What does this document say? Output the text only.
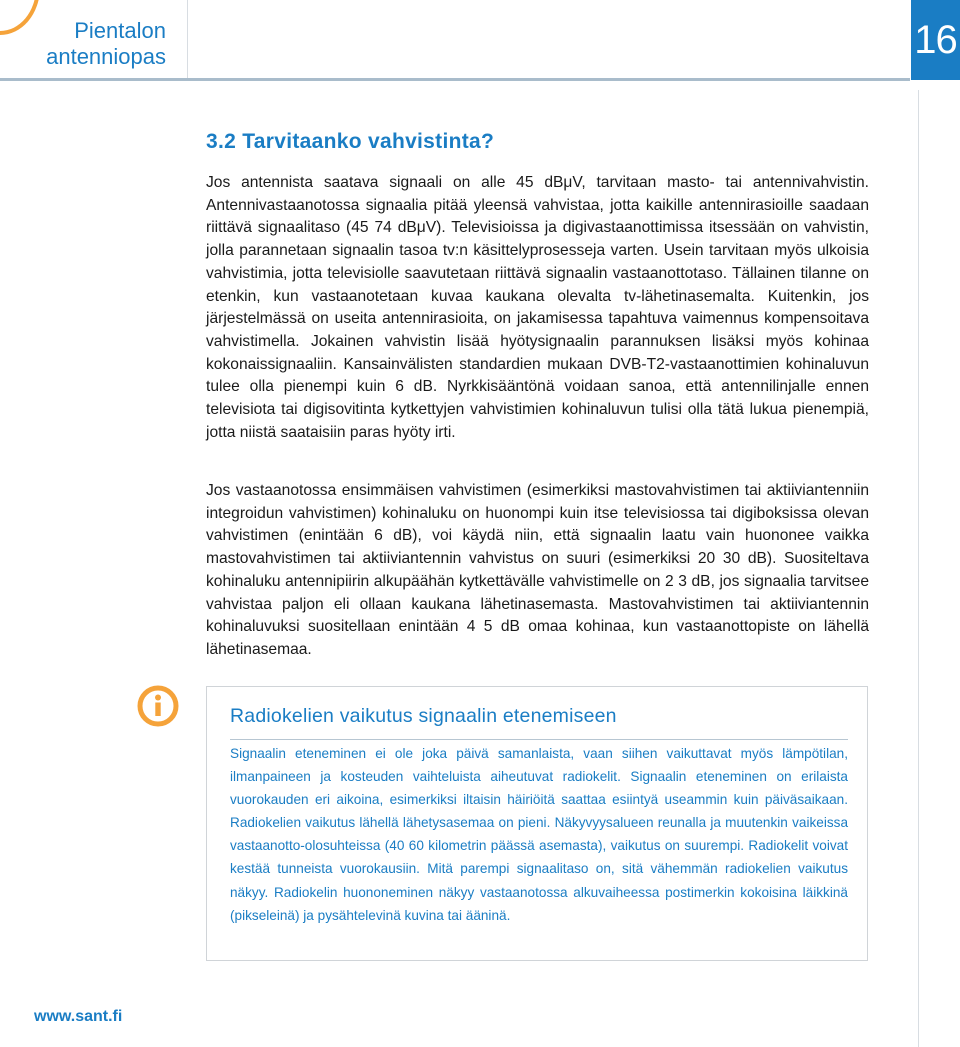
Pientalon
antenniopas	16
3.2 Tarvitaanko vahvistinta?

Jos antennista saatava signaali on alle 45 dBμV, tarvitaan masto- tai antennivahvistin. Antennivastaanotossa signaalia pitää yleensä vahvistaa, jotta kaikille antennirasioille saadaan riittävä signaalitaso (45 74 dBμV). Televisioissa ja digivastaanottimissa itsessään on vahvistin, jolla parannetaan signaalin tasoa tv:n käsittelyprosesseja varten. Usein tarvitaan myös ulkoisia vahvistimia, jotta televisiolle saavutetaan riittävä signaalin vastaanottotaso. Tällainen tilanne on etenkin, kun vastaanotetaan kuvaa kaukana olevalta tv-lähetinasemalta. Kuitenkin, jos järjestelmässä on useita antennirasioita, on jakamisessa tapahtuva vaimennus kompensoitava vahvistimella. Jokainen vahvistin lisää hyötysignaalin parannuksen lisäksi myös kohinaa kokonaissignaaliin. Kansainvälisten standardien mukaan DVB-T2-vastaanottimien kohinaluvun tulee olla pienempi kuin 6 dB. Nyrkkisääntönä voidaan sanoa, että antennilinjalle ennen televisiota tai digisovitinta kytkettyjen vahvistimien kohinaluvun tulisi olla tätä lukua pienempiä, jotta niistä saataisiin paras hyöty irti.

Jos vastaanotossa ensimmäisen vahvistimen (esimerkiksi mastovahvistimen tai aktiiviantenniin integroidun vahvistimen) kohinaluku on huonompi kuin itse televisiossa tai digiboksissa olevan vahvistimen (enintään 6 dB), voi käydä niin, että signaalin laatu vain huononee vaikka mastovahvistimen tai aktiiviantennin vahvistus on suuri (esimerkiksi 20 30 dB). Suositeltava kohinaluku antennipiirin alkupäähän kytkettävälle vahvistimelle on 2 3 dB, jos signaalia tarvitsee vahvistaa paljon eli ollaan kaukana lähetinasemasta. Mastovahvistimen tai aktiiviantennin kohinaluvuksi suositellaan enintään 4 5 dB omaa kohinaa, kun vastaanottopiste on lähellä lähetinasemaa.

Radiokelien vaikutus signaalin etenemiseen

Signaalin eteneminen ei ole joka päivä samanlaista, vaan siihen vaikuttavat myös lämpötilan, ilmanpaineen ja kosteuden vaihteluista aiheutuvat radiokelit. Signaalin eteneminen on erilaista vuorokauden eri aikoina, esimerkiksi iltaisin häiriöitä saattaa esiintyä useammin kuin päiväsaikaan. Radiokelien vaikutus lähellä lähetysasemaa on pieni. Näkyvyysalueen reunalla ja muutenkin vaikeissa vastaanotto-olosuhteissa (40 60 kilometrin päässä asemasta), vaikutus on suurempi. Radiokelit voivat kestää tunneista vuorokausiin. Mitä parempi signaalitaso on, sitä vähemmän radiokelien vaikutus näkyy. Radiokelin huononeminen näkyy vastaanotossa alkuvaiheessa postimerkin kokoisina läikkinä (pikseleinä) ja pysähtelevinä kuvina tai ääninä.

www.sant.fi
